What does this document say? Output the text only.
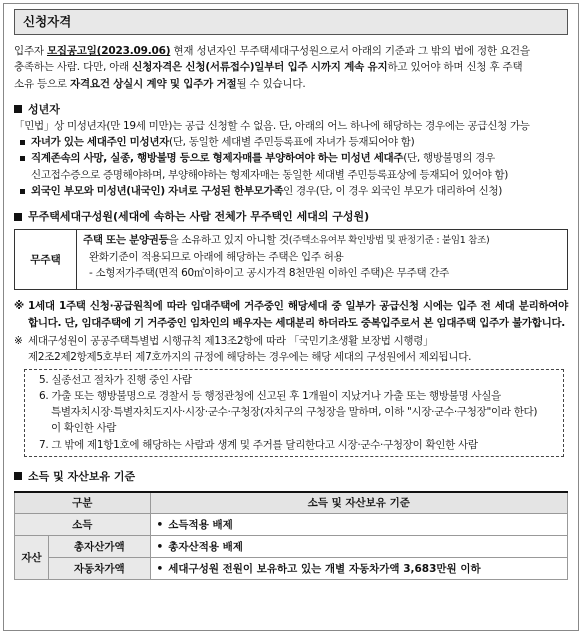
신청자격
입주자 모집공고일(2023.09.06) 현재 성년자인 무주택세대구성원으로서 아래의 기준과 그 밖의 법에 정한 요건을
충족하는 사람. 다만, 아래 신청자격은 신청(서류접수)일부터 입주 시까지 계속 유지하고 있어야 하며 신청 후 주택
소유 등으로 자격요건 상실시 계약 및 입주가 거절될 수 있습니다.
성년자
「민법」상 미성년자(만 19세 미만)는 공급 신청할 수 없음. 단, 아래의 어느 하나에 해당하는 경우에는 공급신청 가능
자녀가 있는 세대주인 미성년자 (단, 동일한 세대별 주민등록표에 자녀가 등재되어야 함)
직계존속의 사망, 실종, 행방불명 등으로 형제자매를 부양하여야 하는 미성년 세대주 (단, 행방불명의 경우
신고접수증으로 증명해야하며, 부양해야하는 형제자매는 동일한 세대별 주민등록표상에 등재되어 있어야 함)
외국인 부모와 미성년(내국인) 자녀로 구성된 한부모가족 인 경우(단, 이 경우 외국인 부모가 대리하여 신청)
무주택세대구성원(세대에 속하는 사람 전체가 무주택인 세대의 구성원)
무주택	
주택 또는 분양권등을 소유하고 있지 아니할 것(주택소유여부 확인방법 및 판정기준 : 붙임1 참조)
완화기준이 적용되므로 아래에 해당하는 주택은 입주 허용
- 소형저가주택(면적 60㎡이하이고 공시가격 8천만원 이하인 주택)은 무주택 간주
※ 1세대 1주택 신청·공급원칙에 따라 임대주택에 거주중인 해당세대 중 일부가 공급신청 시에는 입주 전 세대 분리하여야 합니다. 단, 임대주택에 기 거주중인 임차인의 배우자는 세대분리 하더라도 중복입주로서 본 임대주택 입주가 불가합니다.
※ 세대구성원이 공공주택특별법 시행규칙 제13조2항에 따라 「국민기초생활 보장법 시행령」
제2조2제2항제5호부터 제7호까지의 규정에 해당하는 경우에는 해당 세대의 구성원에서 제외됩니다.
5. 실종선고 절차가 진행 중인 사람
6. 가출 또는 행방불명으로 경찰서 등 행정관청에 신고된 후 1개월이 지났거나 가출 또는 행방불명 사실을
특별자치시장·특별자치도지사·시장·군수·구청장(자치구의 구청장을 말하며, 이하 "시장·군수·구청장"이라 한다)
이 확인한 사람
7. 그 밖에 제1항1호에 해당하는 사람과 생계 및 주거를 달리한다고 시장·군수·구청장이 확인한 사람
소득 및 자산보유 기준
구분		소득 및 자산보유 기준
소득		• 소득적용 배제
자산	총자산가액	• 총자산적용 배제
	자동차가액	• 세대구성원 전원이 보유하고 있는 개별 자동차가액 3,683만원 이하
